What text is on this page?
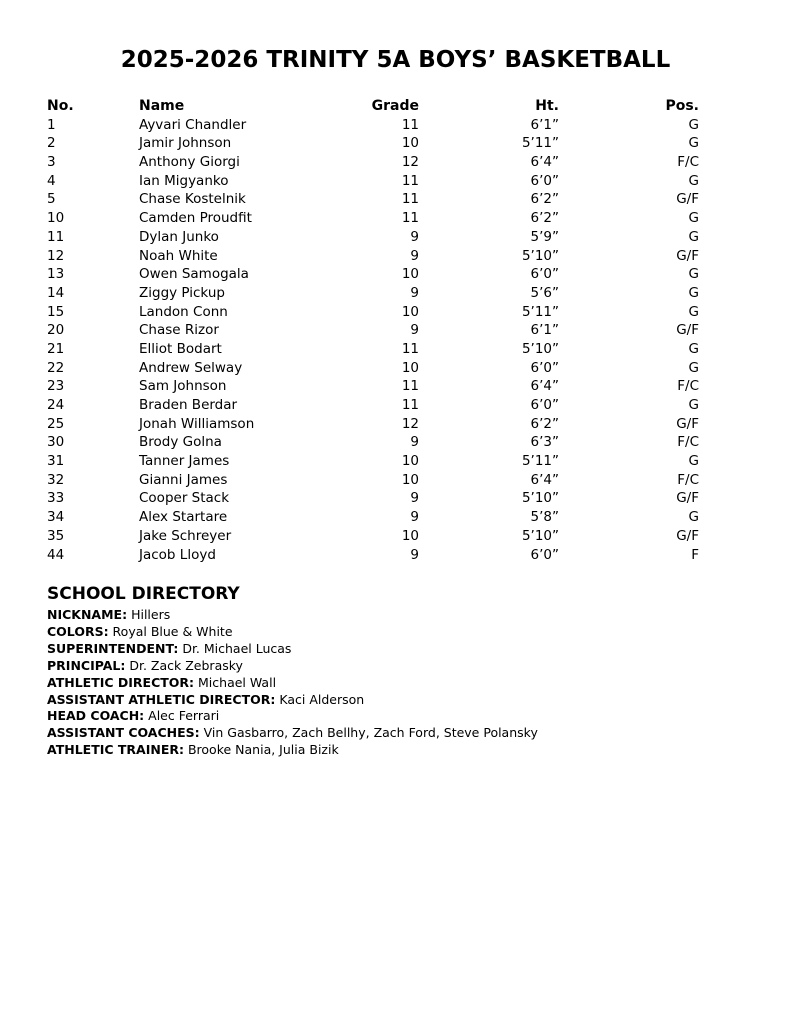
2025-2026 TRINITY 5A BOYS’ BASKETBALL
No.	Name	Grade	Ht.	Pos.
1	Ayvari Chandler	11	6’1”	G
2	Jamir Johnson	10	5’11”	G
3	Anthony Giorgi	12	6’4”	F/C
4	Ian Migyanko	11	6’0”	G
5	Chase Kostelnik	11	6’2”	G/F
10	Camden Proudfit	11	6’2”	G
11	Dylan Junko	9	5’9”	G
12	Noah White	9	5’10”	G/F
13	Owen Samogala	10	6’0”	G
14	Ziggy Pickup	9	5’6”	G
15	Landon Conn	10	5’11”	G
20	Chase Rizor	9	6’1”	G/F
21	Elliot Bodart	11	5’10”	G
22	Andrew Selway	10	6’0”	G
23	Sam Johnson	11	6’4”	F/C
24	Braden Berdar	11	6’0”	G
25	Jonah Williamson	12	6’2”	G/F
30	Brody Golna	9	6’3”	F/C
31	Tanner James	10	5’11”	G
32	Gianni James	10	6’4”	F/C
33	Cooper Stack	9	5’10”	G/F
34	Alex Startare	9	5’8”	G
35	Jake Schreyer	10	5’10”	G/F
44	Jacob Lloyd	9	6’0”	F
SCHOOL DIRECTORY
NICKNAME: Hillers
COLORS: Royal Blue & White
SUPERINTENDENT: Dr. Michael Lucas
PRINCIPAL: Dr. Zack Zebrasky
ATHLETIC DIRECTOR: Michael Wall
ASSISTANT ATHLETIC DIRECTOR: Kaci Alderson
HEAD COACH: Alec Ferrari
ASSISTANT COACHES: Vin Gasbarro, Zach Bellhy, Zach Ford, Steve Polansky
ATHLETIC TRAINER: Brooke Nania, Julia Bizik
